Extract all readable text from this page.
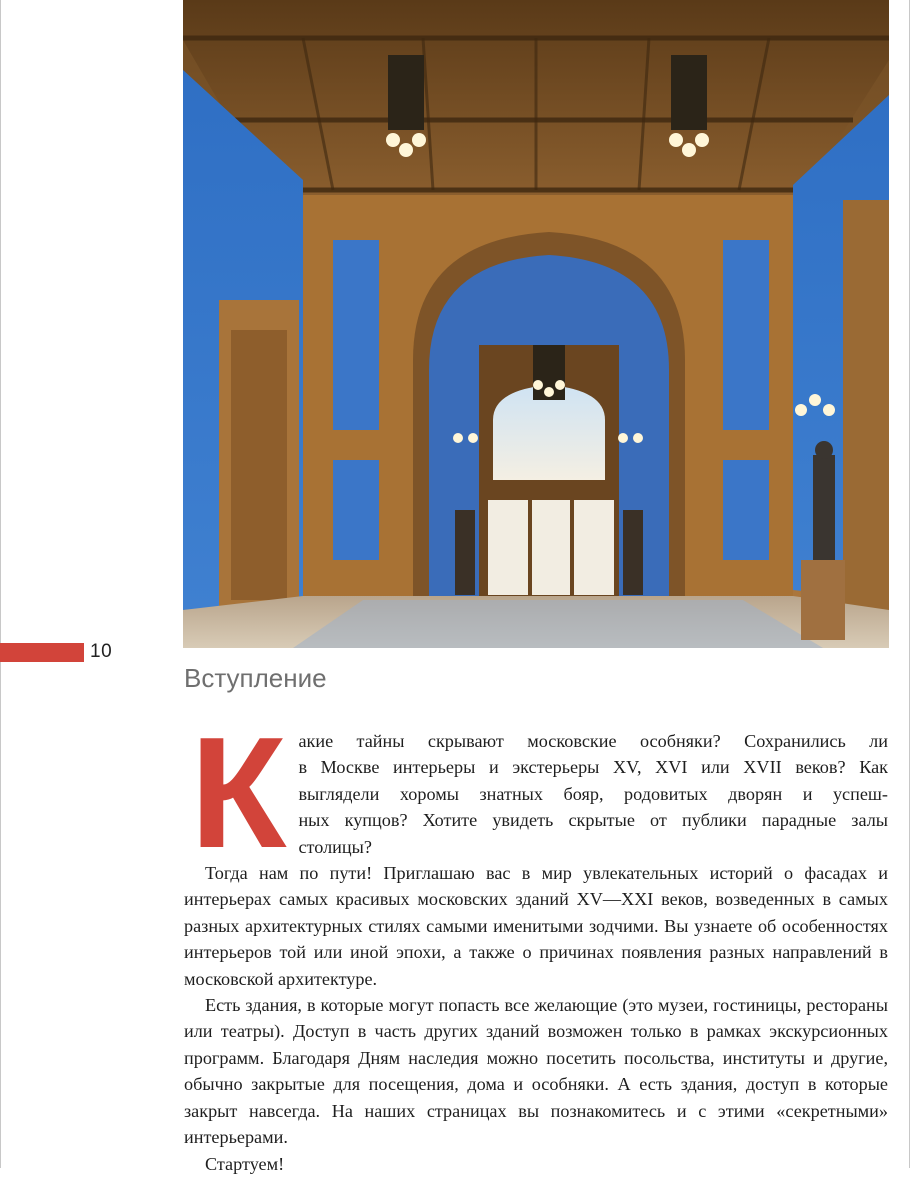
10
Вступление
К акие тайны скрывают московские особняки? Сохранились ли
в Москве интерьеры и экстерьеры XV, XVI или XVII веков? Как
выглядели хоромы знатных бояр, родовитых дворян и успеш-
ных купцов? Хотите увидеть скрытые от публики парадные залы
столицы?

Тогда нам по пути! Приглашаю вас в мир увлекательных историй о фасадах и интерьерах самых красивых московских зданий XV—XXI веков, возведенных в самых разных архитектурных стилях самыми именитыми зодчими. Вы узнаете об особенностях интерьеров той или иной эпохи, а также о причинах появления разных направлений в московской архитектуре.

Есть здания, в которые могут попасть все желающие (это музеи, гостиницы, рестораны или театры). Доступ в часть других зданий возможен только в рамках экскурсионных программ. Благодаря Дням наследия можно посетить посольства, институты и другие, обычно закрытые для посещения, дома и особняки. А есть здания, доступ в которые закрыт навсегда. На наших страницах вы познакомитесь и с этими «секретными» интерьерами.

Стартуем!
